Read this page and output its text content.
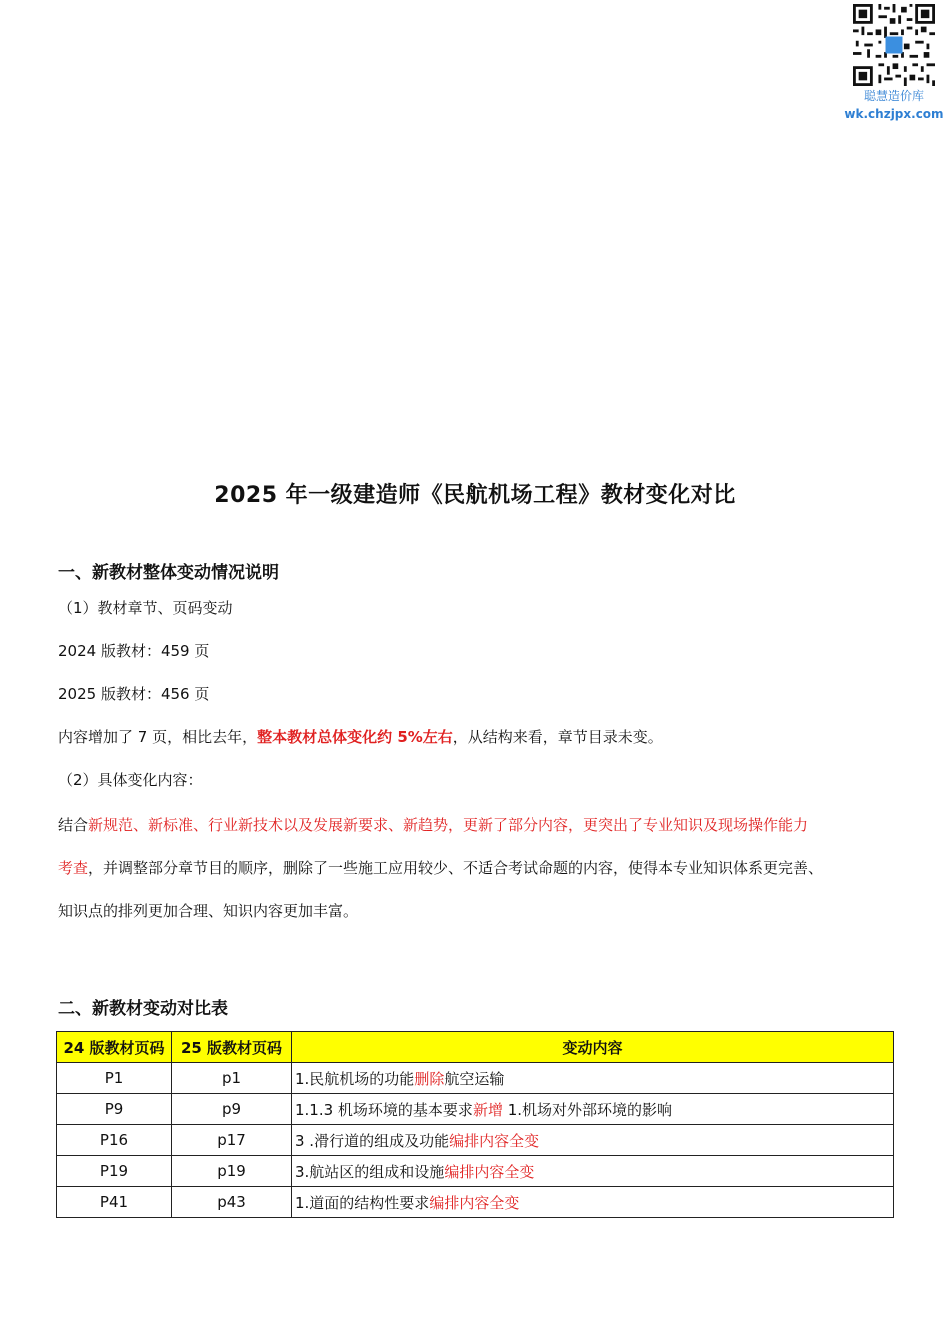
聪慧造价库
wk.chzjpx.com
2025 年一级建造师《民航机场工程》教材变化对比
一、新教材整体变动情况说明
（1）教材章节、页码变动
2024 版教材：459 页
2025 版教材：456 页
内容增加了 7 页，相比去年，整本教材总体变化约 5%左右，从结构来看，章节目录未变。
（2）具体变化内容：
结合新规范、新标准、行业新技术以及发展新要求、新趋势，更新了部分内容，更突出了专业知识及现场操作能力
考查，并调整部分章节目的顺序，删除了一些施工应用较少、不适合考试命题的内容，使得本专业知识体系更完善、
知识点的排列更加合理、知识内容更加丰富。
二、新教材变动对比表
24 版教材页码	25 版教材页码	变动内容
P1	p1	1.民航机场的功能删除航空运输
P9	p9	1.1.3 机场环境的基本要求新增 1.机场对外部环境的影响
P16	p17	3 .滑行道的组成及功能编排内容全变
P19	p19	3.航站区的组成和设施编排内容全变
P41	p43	1.道面的结构性要求编排内容全变
